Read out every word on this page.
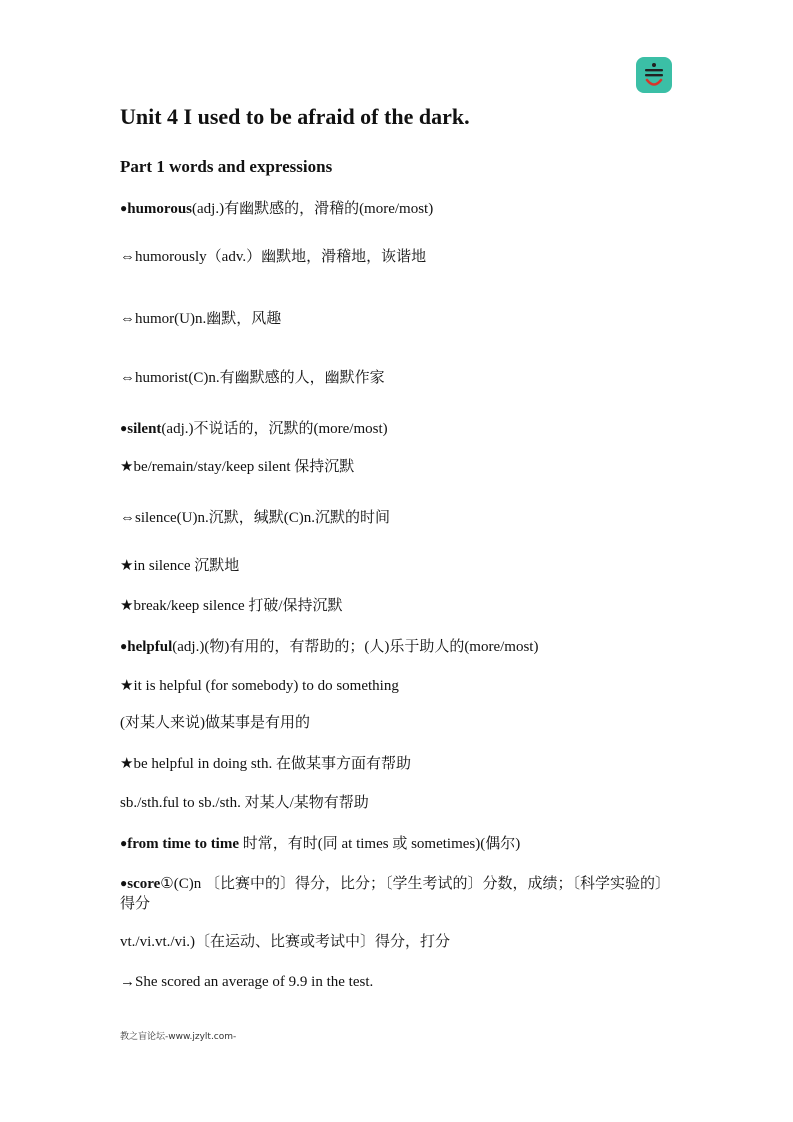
Unit 4 I used to be afraid of the dark.
Part 1 words and expressions
●humorous(adj.)有幽默感的，滑稽的(more/most)
⇔humorously（adv.）幽默地，滑稽地，诙谐地
⇔humor(U)n.幽默，风趣
⇔humorist(C)n.有幽默感的人，幽默作家
●silent(adj.)不说话的，沉默的(more/most)
★be/remain/stay/keep silent 保持沉默
⇔silence(U)n.沉默，缄默(C)n.沉默的时间
★in silence 沉默地
★break/keep silence 打破/保持沉默
●helpful(adj.)(物)有用的，有帮助的；(人)乐于助人的(more/most)
★it is helpful (for somebody) to do something
(对某人来说)做某事是有用的
★be helpful in doing sth. 在做某事方面有帮助
sb./sth.ful to sb./sth. 对某人/某物有帮助
●from time to time 时常，有时(同 at times 或 sometimes)(偶尔)
●score①(C)n 〔比赛中的〕得分，比分；〔学生考试的〕分数，成绩；〔科学实验的〕得分
vt./vi.vt./vi.)〔在运动、比赛或考试中〕得分，打分
→She scored an average of 9.9 in the test.
教之盲论坛-www.jzylt.com-
